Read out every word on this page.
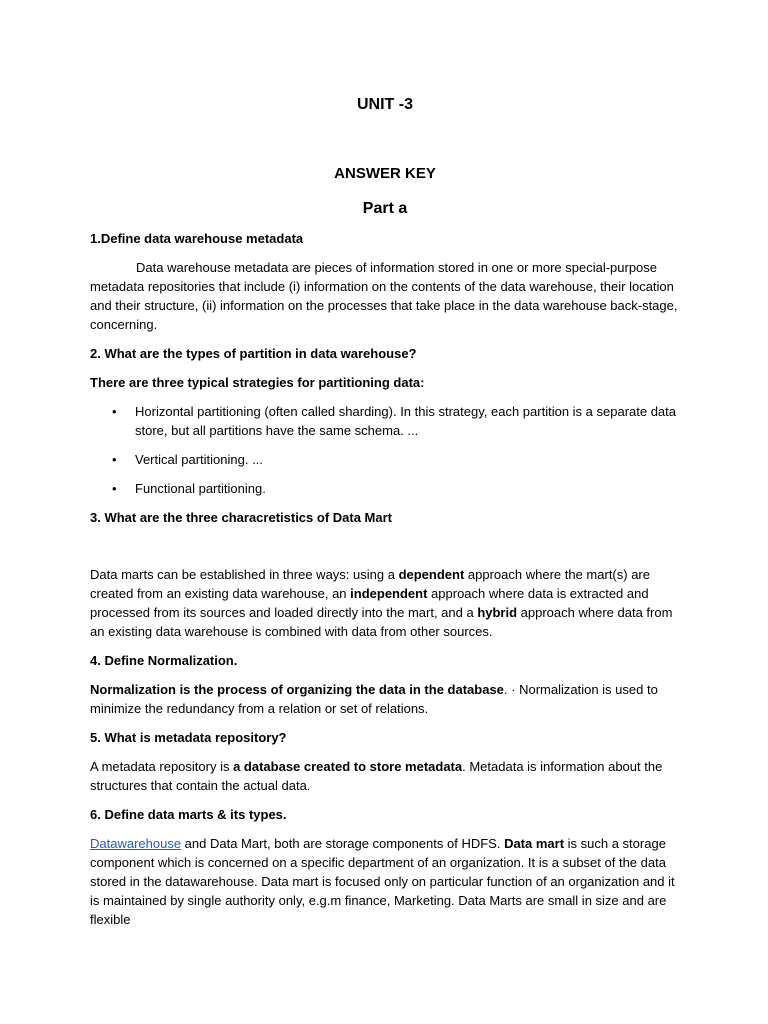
UNIT -3

ANSWER KEY

Part a

1.Define data warehouse metadata

Data warehouse metadata are pieces of information stored in one or more special-purpose metadata repositories that include (i) information on the contents of the data warehouse, their location and their structure, (ii) information on the processes that take place in the data warehouse back-stage, concerning.

2. What are the types of partition in data warehouse?

There are three typical strategies for partitioning data:

• Horizontal partitioning (often called sharding). In this strategy, each partition is a separate data store, but all partitions have the same schema. ...
• Vertical partitioning. ...
• Functional partitioning.

3. What are the three characretistics of Data Mart

Data marts can be established in three ways: using a dependent approach where the mart(s) are created from an existing data warehouse, an independent approach where data is extracted and processed from its sources and loaded directly into the mart, and a hybrid approach where data from an existing data warehouse is combined with data from other sources.

4. Define Normalization.

Normalization is the process of organizing the data in the database. · Normalization is used to minimize the redundancy from a relation or set of relations.

5. What is metadata repository?

A metadata repository is a database created to store metadata. Metadata is information about the structures that contain the actual data.

6. Define data marts & its types.

Datawarehouse and Data Mart, both are storage components of HDFS. Data mart is such a storage component which is concerned on a specific department of an organization. It is a subset of the data stored in the datawarehouse. Data mart is focused only on particular function of an organization and it is maintained by single authority only, e.g.m finance, Marketing. Data Marts are small in size and are flexible
